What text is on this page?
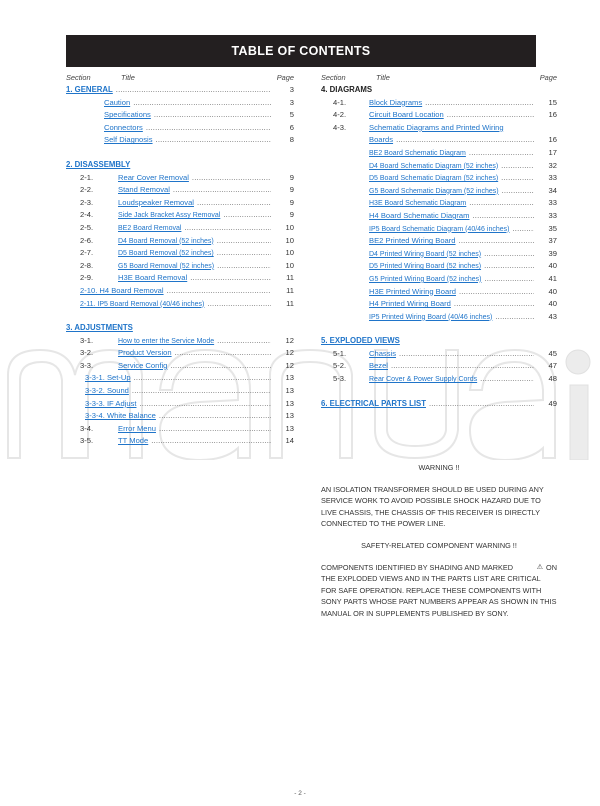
TABLE OF CONTENTS
Section	Title	Page
1. GENERAL .....	3
Caution .....	3
Specifications .....	5
Connectors .....	6
Self Diagnosis .....	8
2. DISASSEMBLY
2-1.	Rear Cover Removal .....	9
2-2.	Stand Removal .....	9
2-3.	Loudspeaker Removal .....	9
2-4.	Side Jack Bracket Assy Removal .....	9
2-5.	BE2 Board Removal .....	10
2-6.	D4 Board Removal (52 inches) .....	10
2-7.	D5 Board Removal (52 inches) .....	10
2-8.	G5 Board Removal (52 inches) .....	10
2-9.	H3E Board Removal .....	11
2-10. H4 Board Removal .....	11
2-11. IP5 Board Removal (40/46 inches) .....	11
3. ADJUSTMENTS
3-1.	How to enter the Service Mode .....	12
3-2.	Product Version .....	12
3-3.	Service Config .....	12
3-3-1. Set-Up .....	13
3-3-2. Sound .....	13
3-3-3. IF Adjust .....	13
3-3-4. White Balance .....	13
3-4.	Error Menu .....	13
3-5.	TT Mode .....	14
Section	Title	Page
4. DIAGRAMS
4-1.	Block Diagrams .....	15
4-2.	Circuit Board Location .....	16
4-3.	Schematic Diagrams and Printed Wiring
Boards .....	16
BE2 Board Schematic Diagram .....	17
D4 Board Schematic Diagram (52 inches) .....	32
D5 Board Schematic Diagram (52 inches) .....	33
G5 Board Schematic Diagram (52 inches) .....	34
H3E Board Schematic Diagram .....	33
H4 Board Schematic Diagram .....	33
IP5 Board Schematic Diagram (40/46 inches) .....	35
BE2 Printed Wiring Board .....	37
D4 Printed Wiring Board (52 inches) .....	39
D5 Printed Wiring Board (52 inches) .....	40
G5 Printed Wiring Board (52 inches) .....	41
H3E Printed Wiring Board .....	40
H4 Printed Wiring Board .....	40
IP5 Printed Wiring Board (40/46 inches) .....	43
5. EXPLODED VIEWS
5-1.	Chassis .....	45
5-2.	Bezel .....	47
5-3.	Rear Cover & Power Supply Cords .....	48
6. ELECTRICAL PARTS LIST .....	49
WARNING !!
AN ISOLATION TRANSFORMER SHOULD BE USED DURING ANY SERVICE WORK TO AVOID POSSIBLE SHOCK HAZARD DUE TO LIVE CHASSIS, THE CHASSIS OF THIS RECEIVER IS DIRECTLY CONNECTED TO THE POWER LINE.
SAFETY-RELATED COMPONENT WARNING !!
COMPONENTS IDENTIFIED BY SHADING AND MARKED	⚠ ON
THE EXPLODED VIEWS AND IN THE PARTS LIST ARE CRITICAL FOR SAFE OPERATION. REPLACE THESE COMPONENTS WITH SONY PARTS WHOSE PART NUMBERS APPEAR AS SHOWN IN THIS MANUAL OR IN SUPPLEMENTS PUBLISHED BY SONY.
- 2 -
